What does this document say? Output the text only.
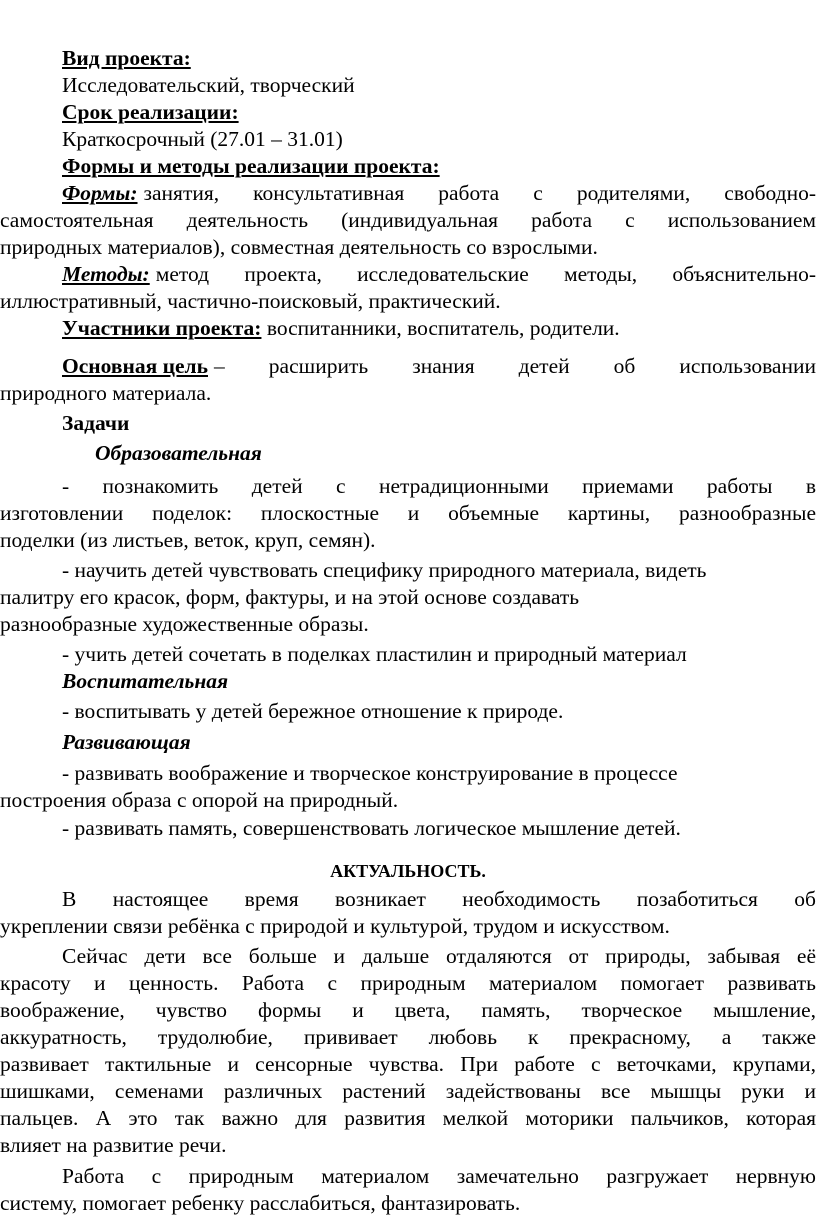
Вид проекта:
Исследовательский, творческий
Срок реализации:
Краткосрочный (27.01 – 31.01)
Формы и методы реализации проекта:
Формы: занятия, консультативная работа с родителями, свободно-
самостоятельная деятельность (индивидуальная работа с использованием
природных материалов), совместная деятельность со взрослыми.
Методы: метод проекта, исследовательские методы, объяснительно-
иллюстративный, частично-поисковый, практический.
Участники проекта: воспитанники, воспитатель, родители.
Основная цель – расширить знания детей об использовании
природного материала.
Задачи
Образовательная
- познакомить детей с нетрадиционными приемами работы в
изготовлении поделок: плоскостные и объемные картины, разнообразные
поделки (из листьев, веток, круп, семян).
- научить детей чувствовать специфику природного материала, видеть
палитру его красок, форм, фактуры, и на этой основе создавать
разнообразные художественные образы.
- учить детей сочетать в поделках пластилин и природный материал
Воспитательная
- воспитывать у детей бережное отношение к природе.
Развивающая
- развивать воображение и творческое конструирование в процессе
построения образа с опорой на природный.
- развивать память, совершенствовать логическое мышление детей.
АКТУАЛЬНОСТЬ.
В настоящее время возникает необходимость позаботиться об
укреплении связи ребёнка с природой и культурой, трудом и искусством.
Сейчас дети все больше и дальше отдаляются от природы, забывая её
красоту и ценность. Работа с природным материалом помогает развивать
воображение, чувство формы и цвета, память, творческое мышление,
аккуратность, трудолюбие, прививает любовь к прекрасному, а также
развивает тактильные и сенсорные чувства. При работе с веточками, крупами,
шишками, семенами различных растений задействованы все мышцы руки и
пальцев. А это так важно для развития мелкой моторики пальчиков, которая
влияет на развитие речи.
Работа с природным материалом замечательно разгружает нервную
систему, помогает ребенку расслабиться, фантазировать.
